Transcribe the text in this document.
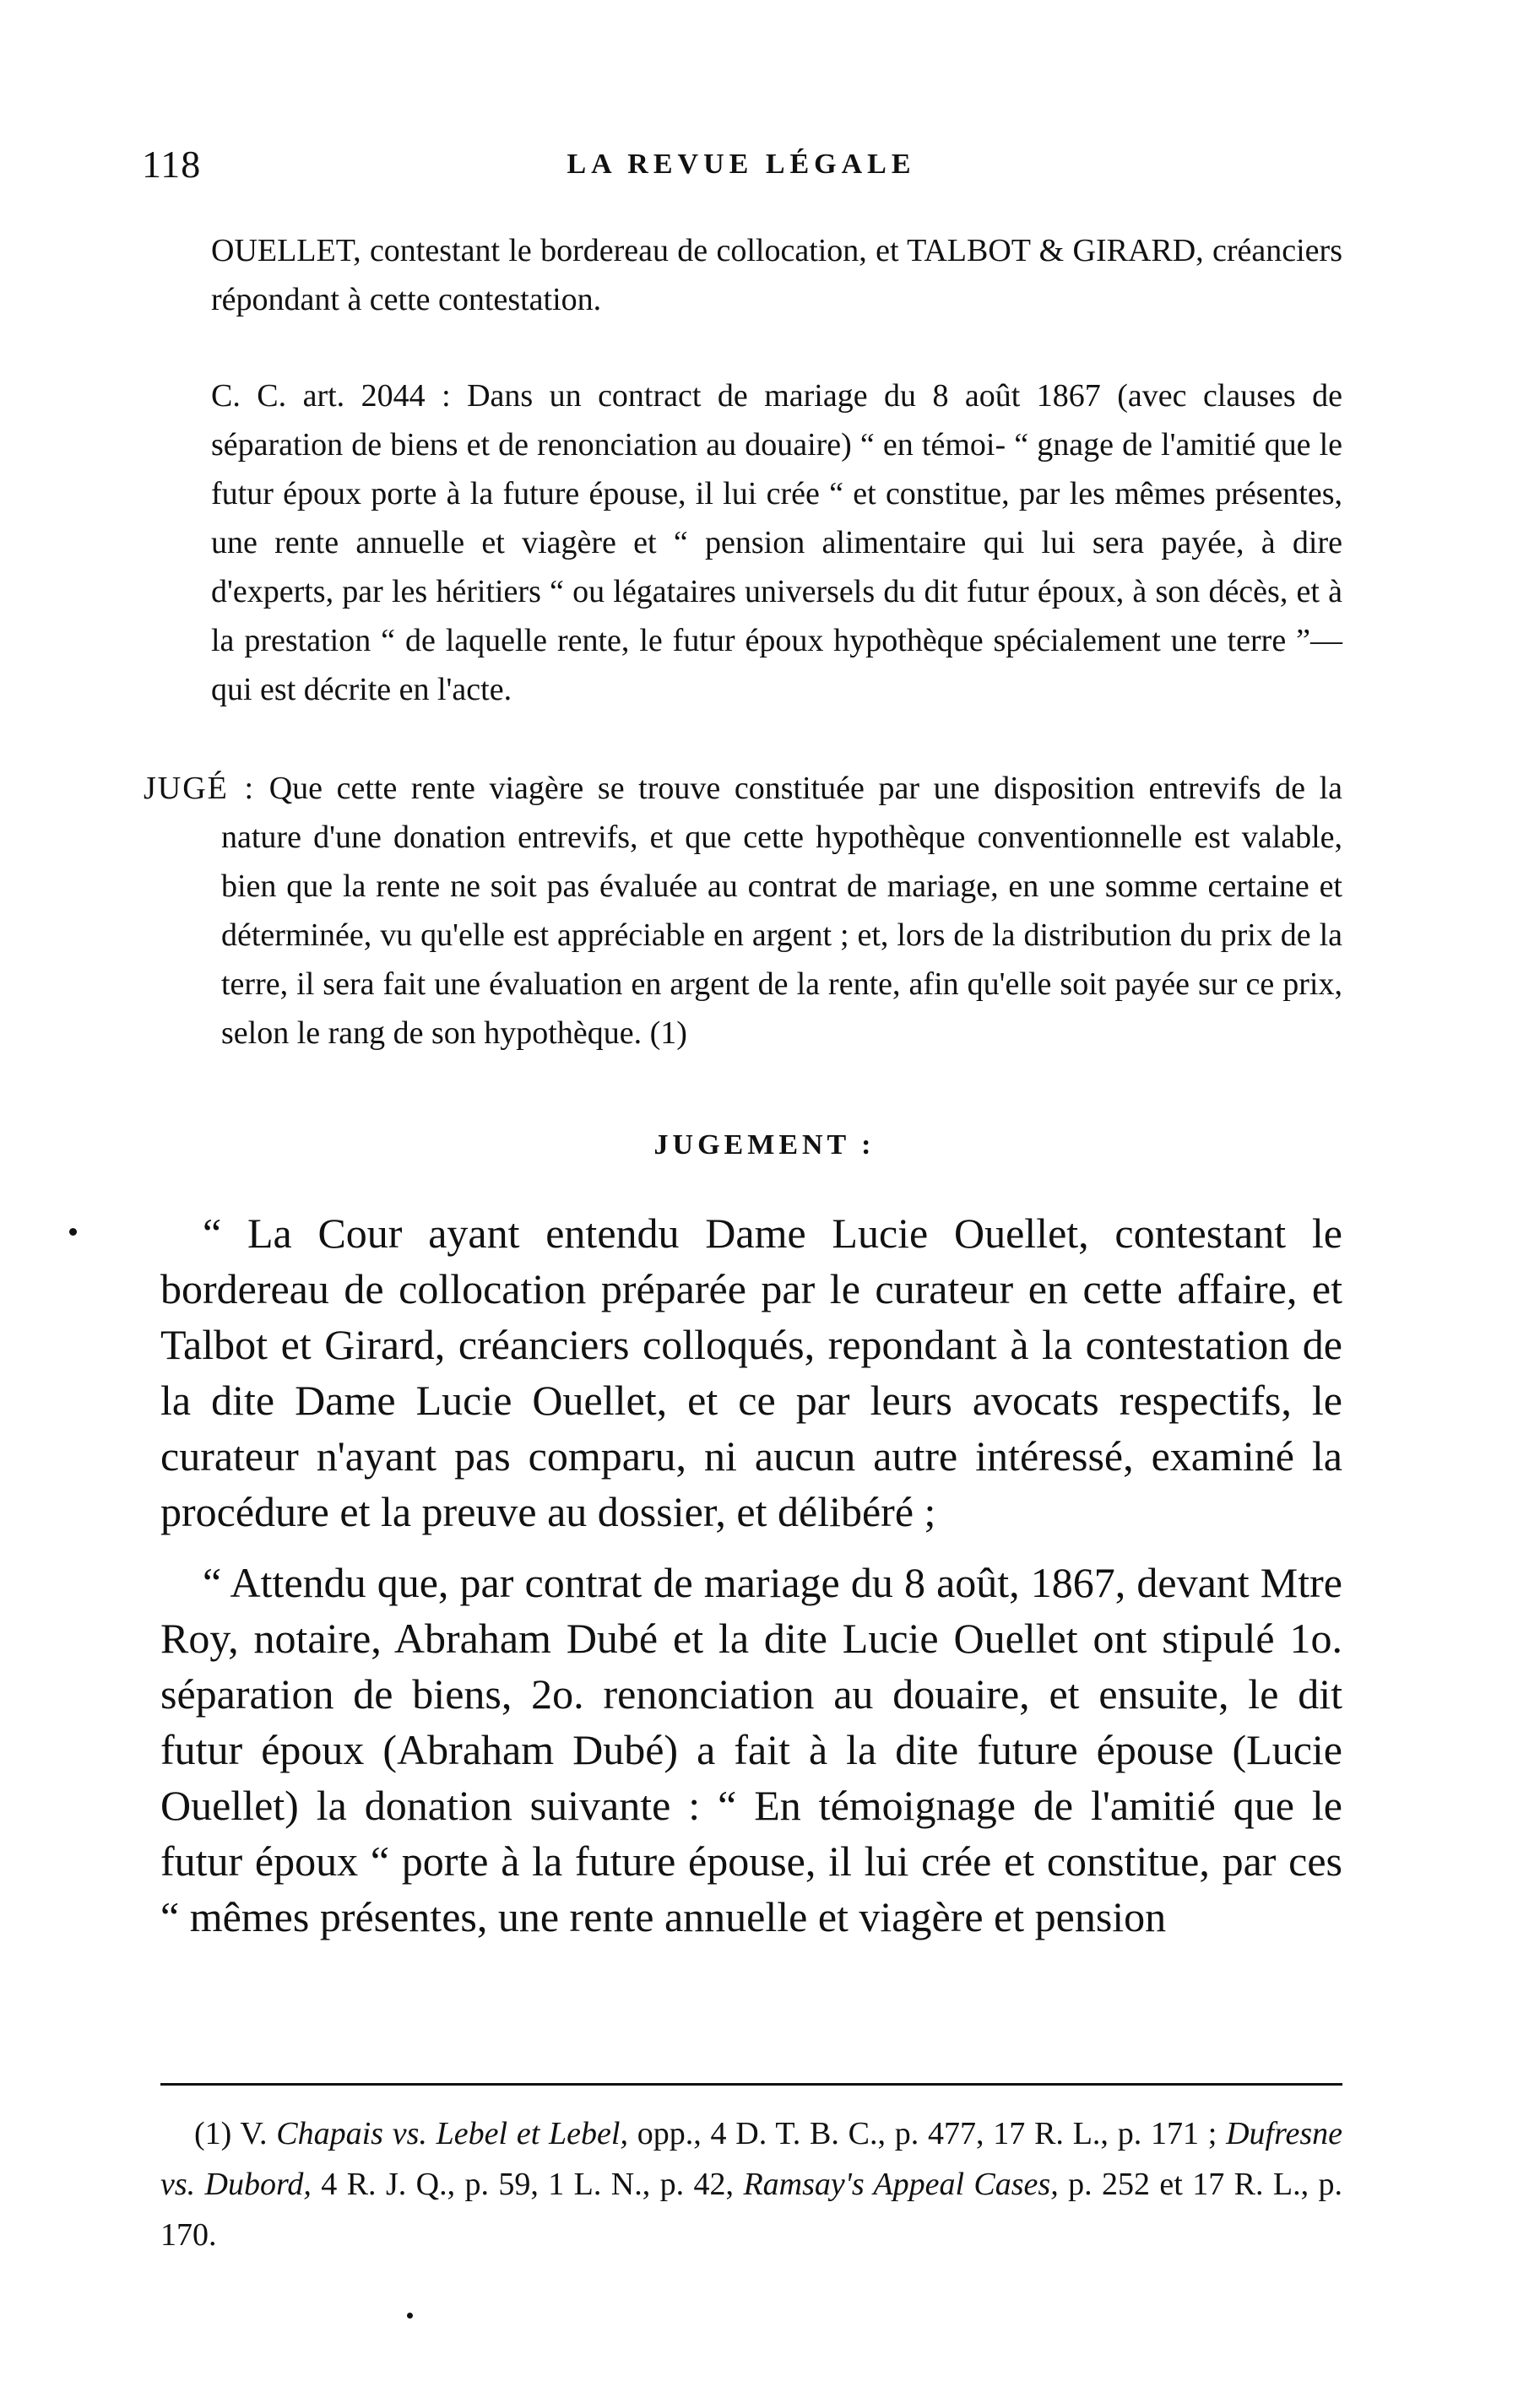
118	LA REVUE LÉGALE

OUELLET, contestant le bordereau de collocation, et TALBOT & GIRARD, créanciers répondant à cette contestation.

C. C. art. 2044 : Dans un contract de mariage du 8 août 1867 (avec clauses de séparation de biens et de renonciation au douaire) “ en témoi- “ gnage de l'amitié que le futur époux porte à la future épouse, il lui crée “ et constitue, par les mêmes présentes, une rente annuelle et viagère et “ pension alimentaire qui lui sera payée, à dire d'experts, par les héritiers “ ou légataires universels du dit futur époux, à son décès, et à la prestation “ de laquelle rente, le futur époux hypothèque spécialement une terre ”— qui est décrite en l'acte.

JUGÉ : Que cette rente viagère se trouve constituée par une disposition entrevifs de la nature d'une donation entrevifs, et que cette hypothèque conventionnelle est valable, bien que la rente ne soit pas évaluée au contrat de mariage, en une somme certaine et déterminée, vu qu'elle est appréciable en argent ; et, lors de la distribution du prix de la terre, il sera fait une évaluation en argent de la rente, afin qu'elle soit payée sur ce prix, selon le rang de son hypothèque. (1)

JUGEMENT :

“ La Cour ayant entendu Dame Lucie Ouellet, contestant le bordereau de collocation préparée par le curateur en cette affaire, et Talbot et Girard, créanciers colloqués, repondant à la contestation de la dite Dame Lucie Ouellet, et ce par leurs avocats respectifs, le curateur n'ayant pas comparu, ni aucun autre intéressé, examiné la procédure et la preuve au dossier, et délibéré ;

“ Attendu que, par contrat de mariage du 8 août, 1867, devant Mtre Roy, notaire, Abraham Dubé et la dite Lucie Ouellet ont stipulé 1o. séparation de biens, 2o. renonciation au douaire, et ensuite, le dit futur époux (Abraham Dubé) a fait à la dite future épouse (Lucie Ouellet) la donation suivante : “ En témoignage de l'amitié que le futur époux “ porte à la future épouse, il lui crée et constitue, par ces “ mêmes présentes, une rente annuelle et viagère et pension

(1) V. Chapais vs. Lebel et Lebel, opp., 4 D. T. B. C., p. 477, 17 R. L., p. 171 ; Dufresne vs. Dubord, 4 R. J. Q., p. 59, 1 L. N., p. 42, Ramsay's Appeal Cases, p. 252 et 17 R. L., p. 170.
